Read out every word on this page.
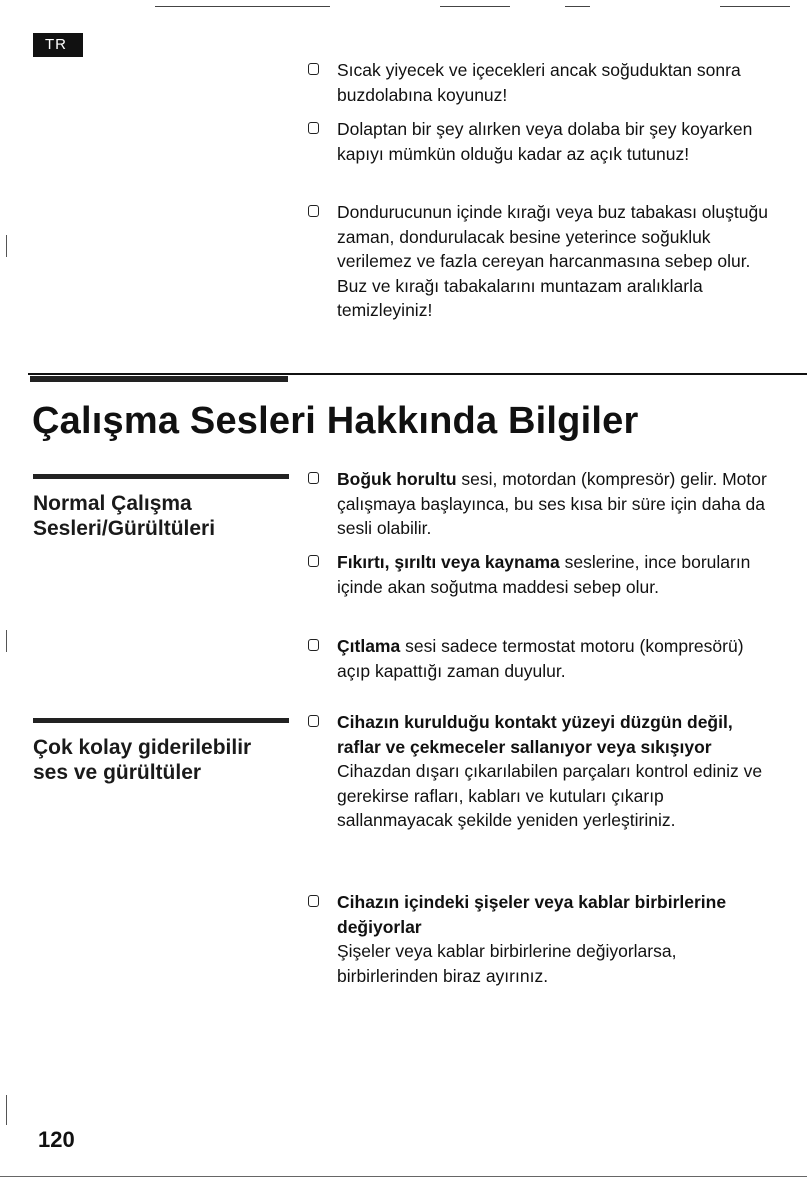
TR
Sıcak yiyecek ve içecekleri ancak soğuduktan sonra buzdolabına koyunuz!
Dolaptan bir şey alırken veya dolaba bir şey koyarken kapıyı mümkün olduğu kadar az açık tutunuz!
Dondurucunun içinde kırağı veya buz tabakası oluştuğu zaman, dondurulacak besine yeterince soğukluk verilemez ve fazla cereyan harcanmasına sebep olur. Buz ve kırağı tabakalarını muntazam aralıklarla temizleyiniz!
Çalışma Sesleri Hakkında Bilgiler
Normal Çalışma
Sesleri/Gürültüleri
Boğuk horultu sesi, motordan (kompresör) gelir. Motor çalışmaya başlayınca, bu ses kısa bir süre için daha da sesli olabilir.
Fıkırtı, şırıltı veya kaynama seslerine, ince boruların içinde akan soğutma maddesi sebep olur.
Çıtlama sesi sadece termostat motoru (kompresörü) açıp kapattığı zaman duyulur.
Çok kolay giderilebilir
ses ve gürültüler
Cihazın kurulduğu kontakt yüzeyi düzgün değil, raflar ve çekmeceler sallanıyor veya sıkışıyor
Cihazdan dışarı çıkarılabilen parçaları kontrol ediniz ve gerekirse rafları, kabları ve kutuları çıkarıp sallanmayacak şekilde yeniden yerleştiriniz.
Cihazın içindeki şişeler veya kablar birbirlerine değiyorlar
Şişeler veya kablar birbirlerine değiyorlarsa, birbirlerinden biraz ayırınız.
120
